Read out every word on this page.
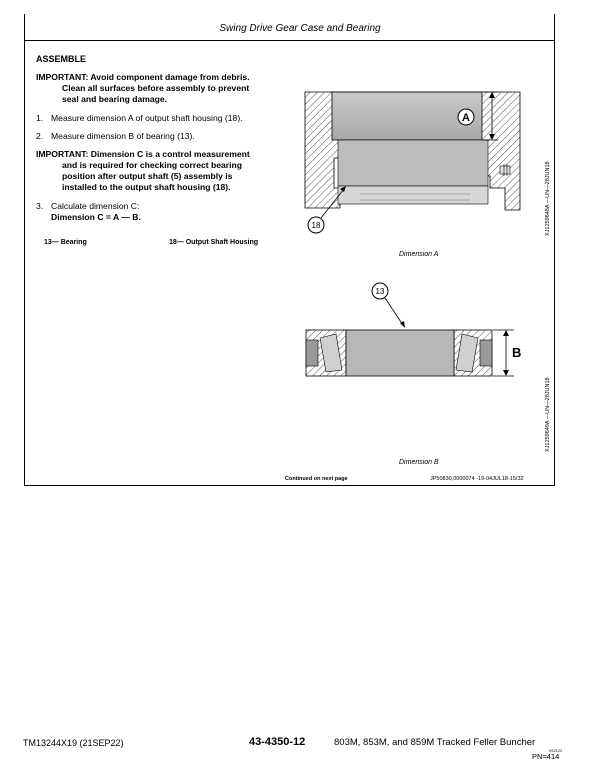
Swing Drive Gear Case and Bearing
ASSEMBLE
IMPORTANT: Avoid component damage from debris.
Clean all surfaces before assembly to prevent
seal and bearing damage.
1. Measure dimension A of output shaft housing (18).
2. Measure dimension B of bearing (13).
IMPORTANT: Dimension C is a control measurement
and is required for checking correct bearing
position after output shaft (5) assembly is
installed to the output shaft housing (18).
3. Calculate dimension C:
Dimension C = A — B.
13— Bearing	18— Output Shaft Housing
A
18	XJ1259648A —UN—28JUN18
Dimension A
13
B
XJ1259649A —UN—28JUN18
Dimension B
Continued on next page	JP50830,0000074 -19-04JUL18-15/32
TM13244X19 (21SEP22)	43-4350-12	803M, 853M, and 859M Tracked Feller Buncher
092122
PN=414
